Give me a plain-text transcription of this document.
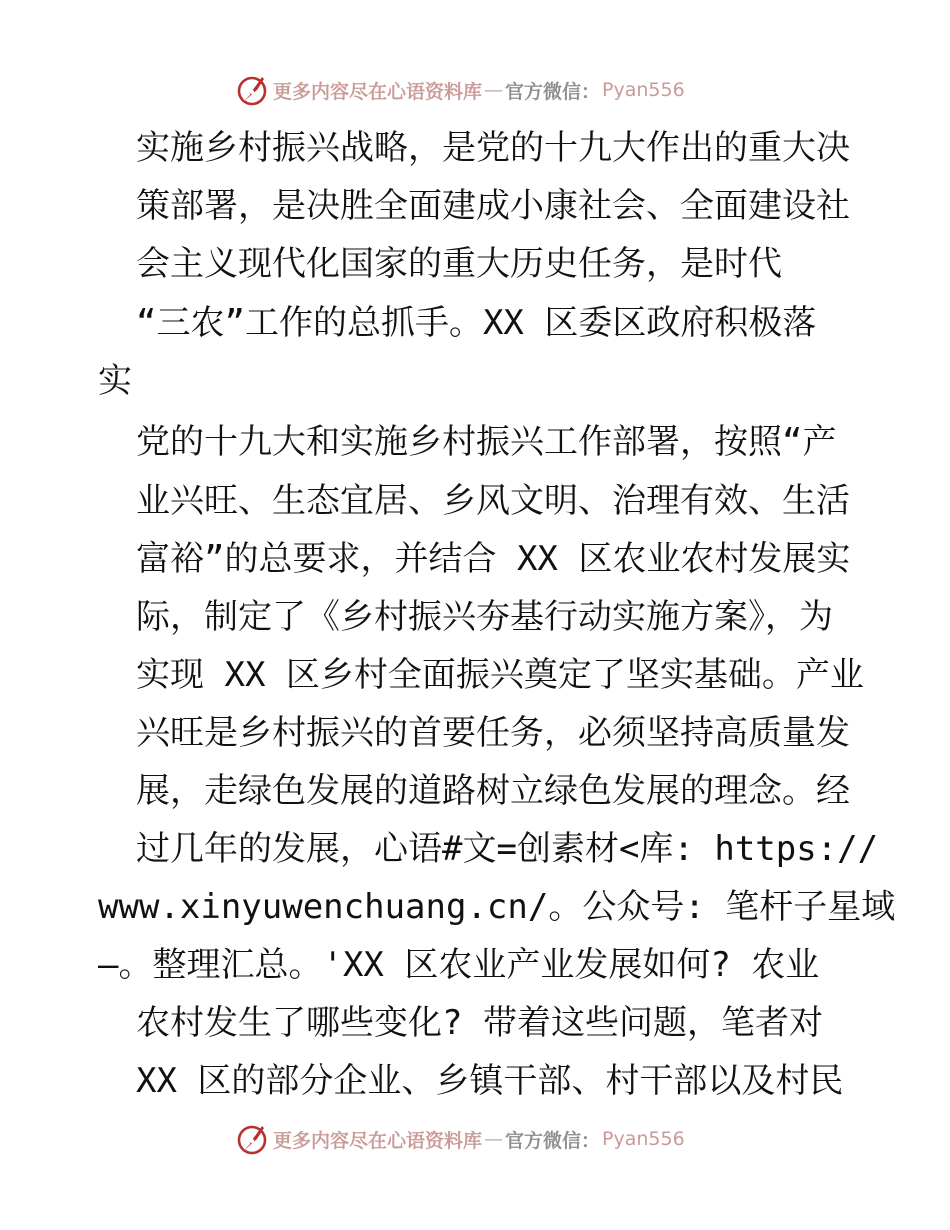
更多内容尽在心语资料库 — 官方微信： Pyan556
实施乡村振兴战略，是党的十九大作出的重大决
策部署，是决胜全面建成小康社会、全面建设社
会主义现代化国家的重大历史任务，是时代
“三农”工作的总抓手。XX 区委区政府积极落
实
党的十九大和实施乡村振兴工作部署，按照“产
业兴旺、生态宜居、乡风文明、治理有效、生活
富裕”的总要求，并结合 XX 区农业农村发展实
际，制定了《乡村振兴夯基行动实施方案》，为
实现 XX 区乡村全面振兴奠定了坚实基础。产业
兴旺是乡村振兴的首要任务，必须坚持高质量发
展，走绿色发展的道路树立绿色发展的理念。经
过几年的发展，心语#文=创素材<库: https://
www.xinyuwenchuang.cn/。公众号: 笔杆子星域
—。整理汇总。'XX 区农业产业发展如何? 农业
农村发生了哪些变化? 带着这些问题，笔者对
XX 区的部分企业、乡镇干部、村干部以及村民
更多内容尽在心语资料库 — 官方微信： Pyan556
